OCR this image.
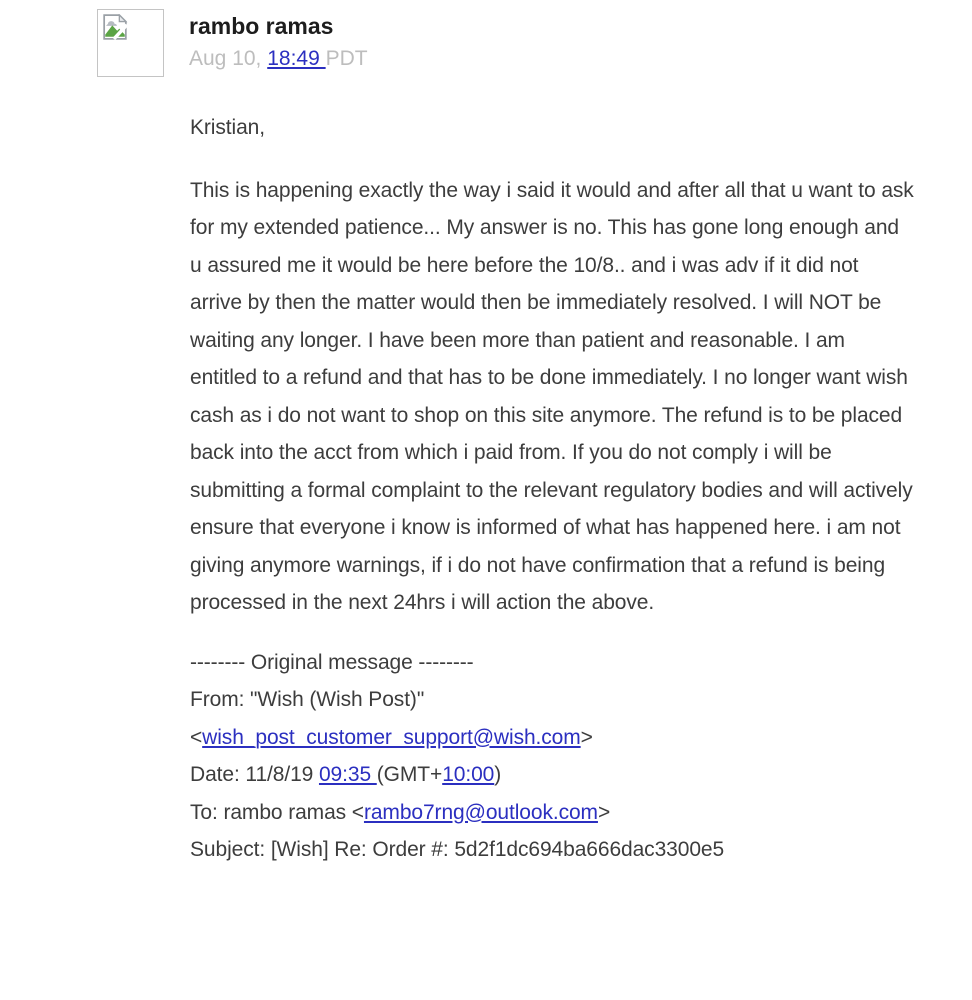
rambo ramas
Aug 10, 18:49 PDT

Kristian,

This is happening exactly the way i said it would and after all that u want to ask for my extended patience... My answer is no. This has gone long enough and u assured me it would be here before the 10/8.. and i was adv if it did not arrive by then the matter would then be immediately resolved. I will NOT be waiting any longer. I have been more than patient and reasonable. I am entitled to a refund and that has to be done immediately. I no longer want wish cash as i do not want to shop on this site anymore. The refund is to be placed back into the acct from which i paid from. If you do not comply i will be submitting a formal complaint to the relevant regulatory bodies and will actively ensure that everyone i know is informed of what has happened here. i am not giving anymore warnings, if i do not have confirmation that a refund is being processed in the next 24hrs i will action the above.

-------- Original message --------
From: "Wish (Wish Post)"
<wish_post_customer_support@wish.com>
Date: 11/8/19 09:35 (GMT+10:00)
To: rambo ramas <rambo7rng@outlook.com>
Subject: [Wish] Re: Order #: 5d2f1dc694ba666dac3300e5
